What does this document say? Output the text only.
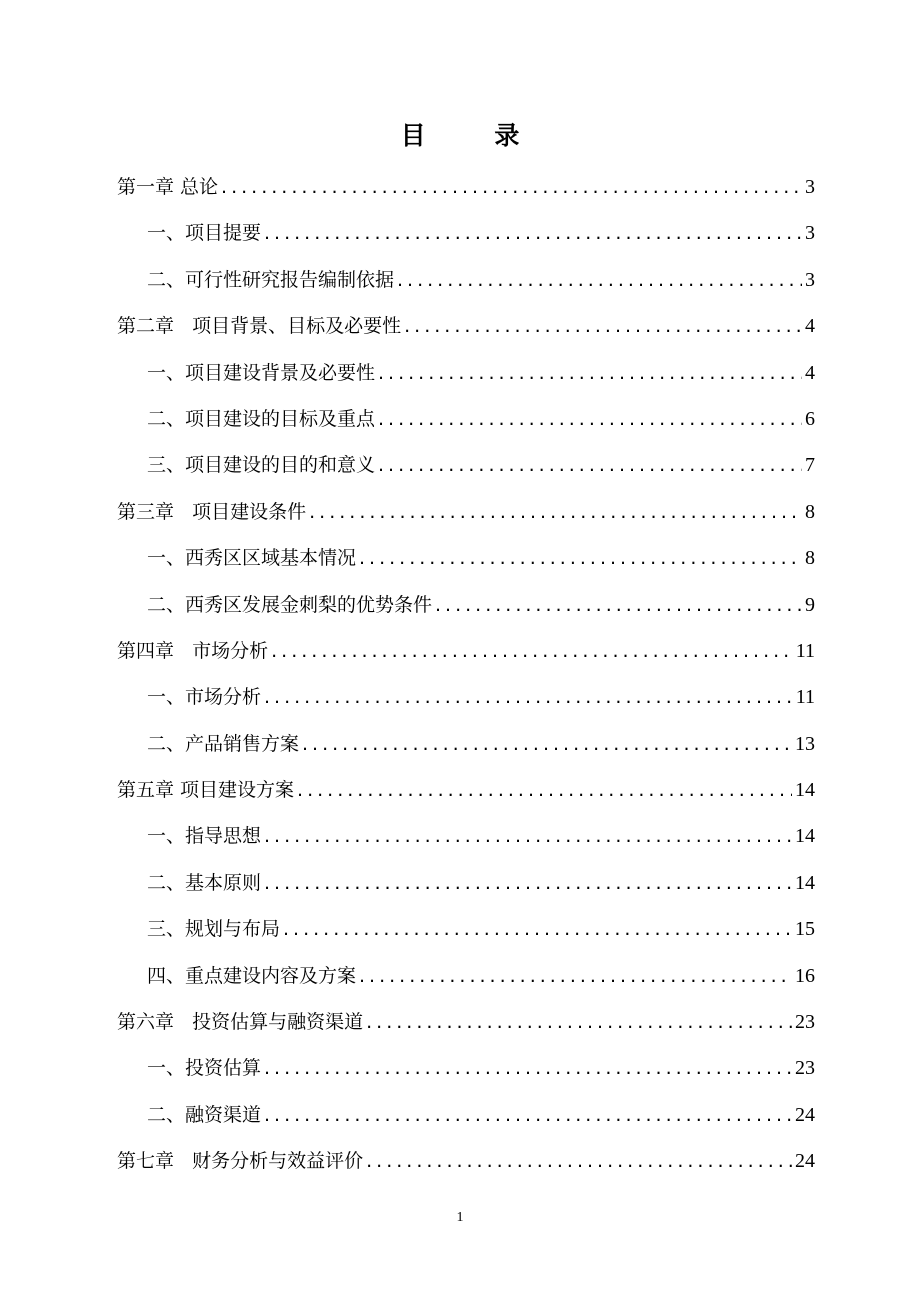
目 录
第一章 总论 .....	3
一、项目提要 .....	3
二、可行性研究报告编制依据 .....	3
第二章   项目背景、目标及必要性 .....	4
一、项目建设背景及必要性 .....	4
二、项目建设的目标及重点 .....	6
三、项目建设的目的和意义 .....	7
第三章   项目建设条件 .....	8
一、西秀区区域基本情况 .....	8
二、西秀区发展金刺梨的优势条件 .....	9
第四章   市场分析 .....	11
一、市场分析 .....	11
二、产品销售方案 .....	13
第五章 项目建设方案 .....	14
一、指导思想 .....	14
二、基本原则 .....	14
三、规划与布局 .....	15
四、重点建设内容及方案 .....	16
第六章   投资估算与融资渠道 .....	23
一、投资估算 .....	23
二、融资渠道 .....	24
第七章   财务分析与效益评价 .....	24
1
